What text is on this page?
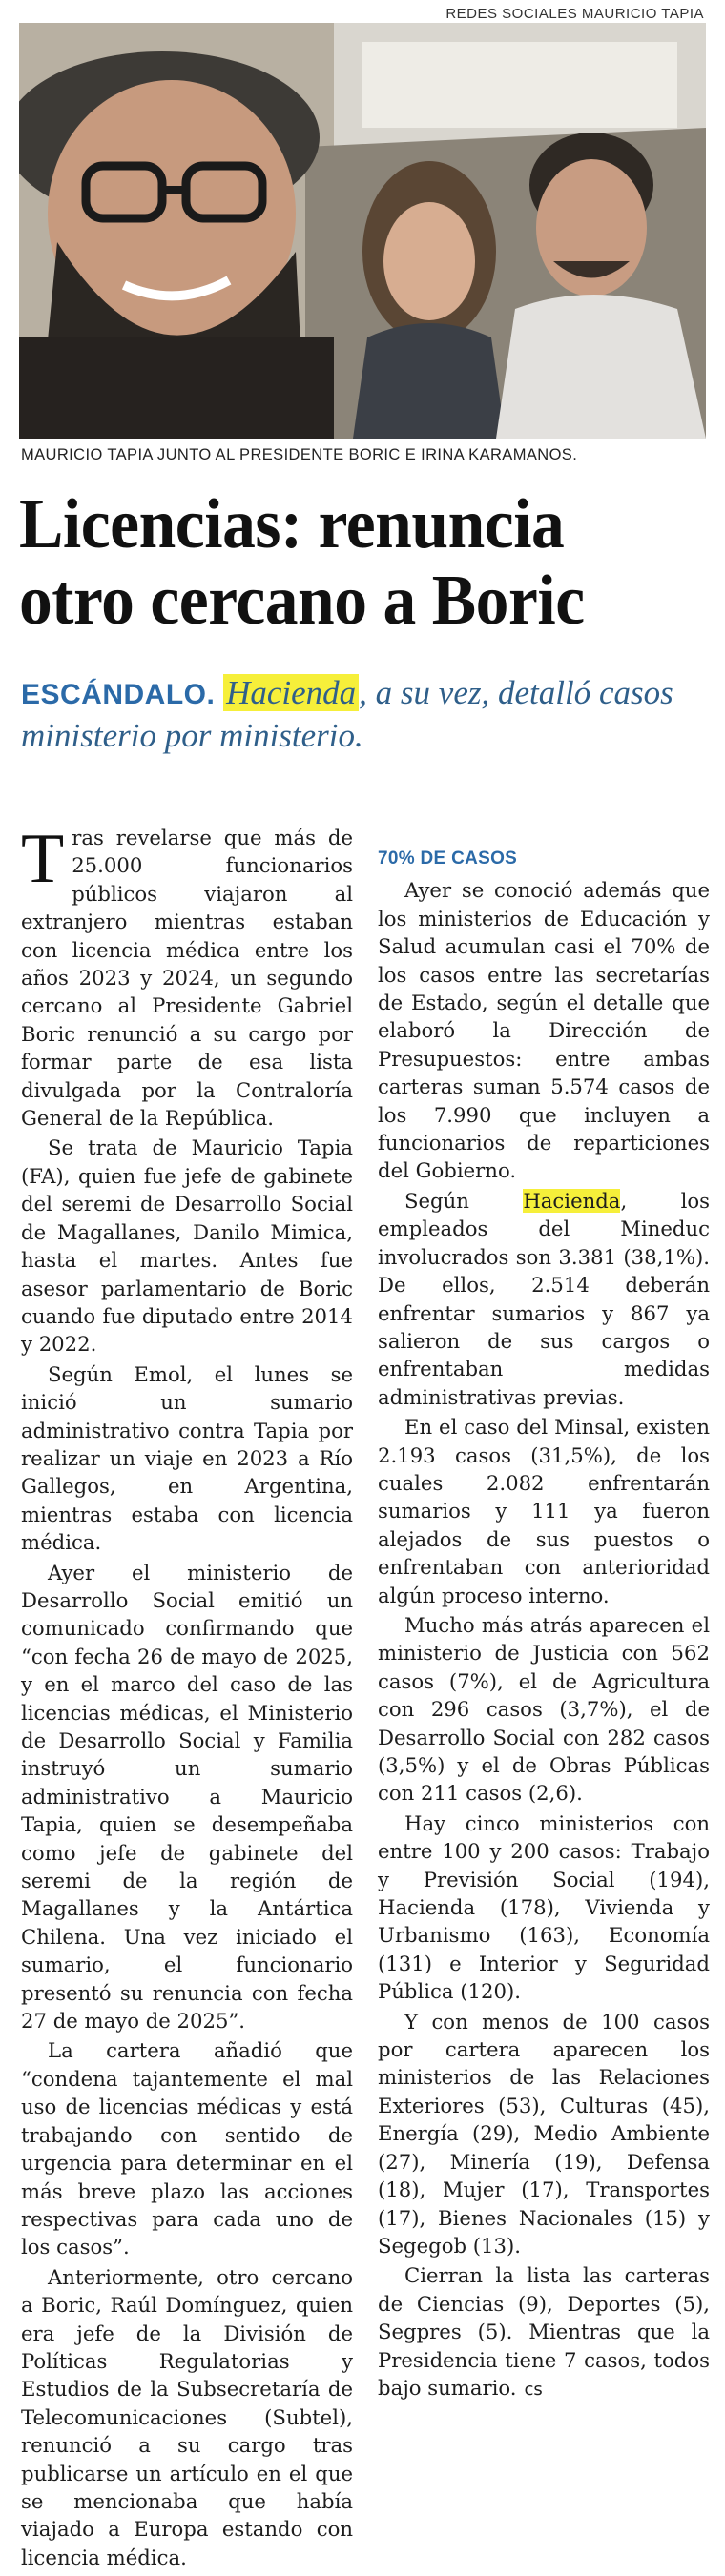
REDES SOCIALES MAURICIO TAPIA
MAURICIO TAPIA JUNTO AL PRESIDENTE BORIC E IRINA KARAMANOS.
Licencias: renuncia otro cercano a Boric
ESCÁNDALO. Hacienda, a su vez, detalló casos ministerio por ministerio.

Tras revelarse que más de 25.000 funcionarios públicos viajaron al extranjero mientras estaban con licencia médica entre los años 2023 y 2024, un segundo cercano al Presidente Gabriel Boric renunció a su cargo por formar parte de esa lista divulgada por la Contraloría General de la República.

Se trata de Mauricio Tapia (FA), quien fue jefe de gabinete del seremi de Desarrollo Social de Magallanes, Danilo Mimica, hasta el martes. Antes fue asesor parlamentario de Boric cuando fue diputado entre 2014 y 2022.

Según Emol, el lunes se inició un sumario administrativo contra Tapia por realizar un viaje en 2023 a Río Gallegos, en Argentina, mientras estaba con licencia médica.

Ayer el ministerio de Desarrollo Social emitió un comunicado confirmando que “con fecha 26 de mayo de 2025, y en el marco del caso de las licencias médicas, el Ministerio de Desarrollo Social y Familia instruyó un sumario administrativo a Mauricio Tapia, quien se desempeñaba como jefe de gabinete del seremi de la región de Magallanes y la Antártica Chilena. Una vez iniciado el sumario, el funcionario presentó su renuncia con fecha 27 de mayo de 2025”.

La cartera añadió que “condena tajantemente el mal uso de licencias médicas y está trabajando con sentido de urgencia para determinar en el más breve plazo las acciones respectivas para cada uno de los casos”.

Anteriormente, otro cercano a Boric, Raúl Domínguez, quien era jefe de la División de Políticas Regulatorias y Estudios de la Subsecretaría de Telecomunicaciones (Subtel), renunció a su cargo tras publicarse un artículo en el que se mencionaba que había viajado a Europa estando con licencia médica.

70% DE CASOS

Ayer se conoció además que los ministerios de Educación y Salud acumulan casi el 70% de los casos entre las secretarías de Estado, según el detalle que elaboró la Dirección de Presupuestos: entre ambas carteras suman 5.574 casos de los 7.990 que incluyen a funcionarios de reparticiones del Gobierno.

Según Hacienda, los empleados del Mineduc involucrados son 3.381 (38,1%). De ellos, 2.514 deberán enfrentar sumarios y 867 ya salieron de sus cargos o enfrentaban medidas administrativas previas.

En el caso del Minsal, existen 2.193 casos (31,5%), de los cuales 2.082 enfrentarán sumarios y 111 ya fueron alejados de sus puestos o enfrentaban con anterioridad algún proceso interno.

Mucho más atrás aparecen el ministerio de Justicia con 562 casos (7%), el de Agricultura con 296 casos (3,7%), el de Desarrollo Social con 282 casos (3,5%) y el de Obras Públicas con 211 casos (2,6).

Hay cinco ministerios con entre 100 y 200 casos: Trabajo y Previsión Social (194), Hacienda (178), Vivienda y Urbanismo (163), Economía (131) e Interior y Seguridad Pública (120).

Y con menos de 100 casos por cartera aparecen los ministerios de las Relaciones Exteriores (53), Culturas (45), Energía (29), Medio Ambiente (27), Minería (19), Defensa (18), Mujer (17), Transportes (17), Bienes Nacionales (15) y Segegob (13).

Cierran la lista las carteras de Ciencias (9), Deportes (5), Segpres (5). Mientras que la Presidencia tiene 7 casos, todos bajo sumario. cs
